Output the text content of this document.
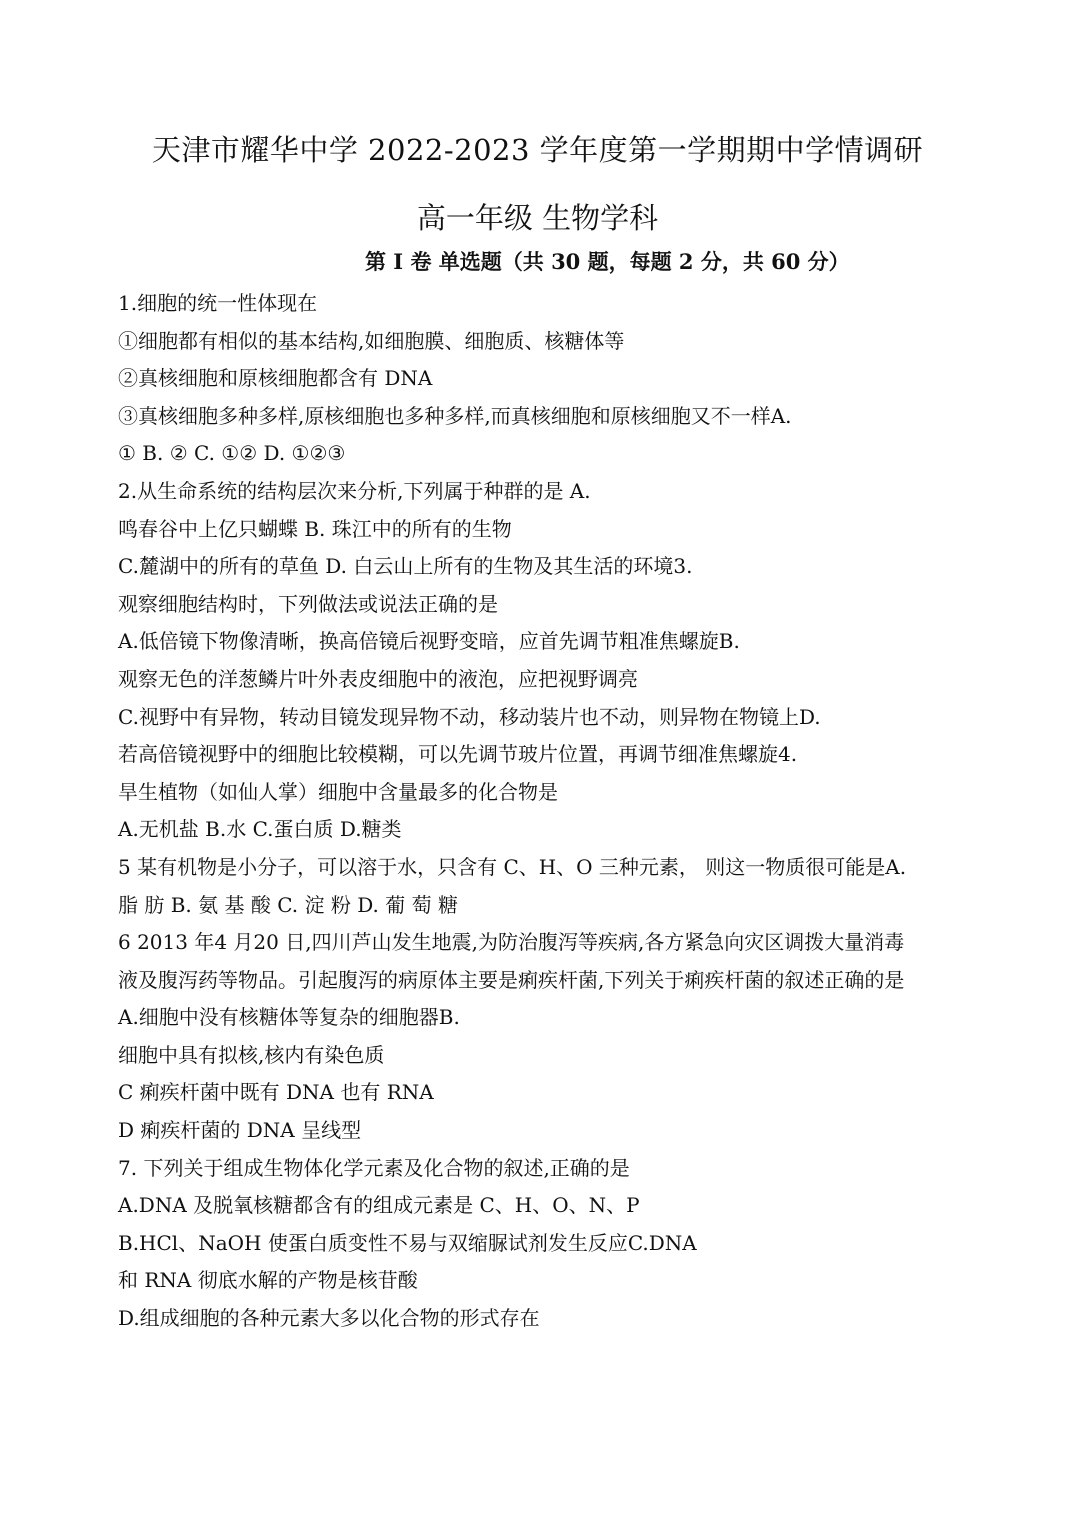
天津市耀华中学 2022-2023 学年度第一学期期中学情调研
高一年级 生物学科
第 I 卷 单选题（共 30 题，每题 2 分，共 60 分）
1.细胞的统一性体现在
①细胞都有相似的基本结构,如细胞膜、细胞质、核糖体等
②真核细胞和原核细胞都含有 DNA
③真核细胞多种多样,原核细胞也多种多样,而真核细胞和原核细胞又不一样A.
① B. ② C. ①② D. ①②③
2.从生命系统的结构层次来分析,下列属于种群的是 A.
鸣春谷中上亿只蝴蝶 B. 珠江中的所有的生物
C.麓湖中的所有的草鱼 D. 白云山上所有的生物及其生活的环境3.
观察细胞结构时，下列做法或说法正确的是
A.低倍镜下物像清晰，换高倍镜后视野变暗，应首先调节粗准焦螺旋B.
观察无色的洋葱鳞片叶外表皮细胞中的液泡，应把视野调亮
C.视野中有异物，转动目镜发现异物不动，移动装片也不动，则异物在物镜上D.
若高倍镜视野中的细胞比较模糊，可以先调节玻片位置，再调节细准焦螺旋4.
旱生植物（如仙人掌）细胞中含量最多的化合物是
A.无机盐 B.水 C.蛋白质 D.糖类
5 某有机物是小分子，可以溶于水，只含有 C、H、O 三种元素， 则这一物质很可能是A.
脂 肪 B. 氨 基 酸 C. 淀 粉 D. 葡 萄 糖
6 2013 年4 月20 日,四川芦山发生地震,为防治腹泻等疾病,各方紧急向灾区调拨大量消毒
液及腹泻药等物品。引起腹泻的病原体主要是痢疾杆菌,下列关于痢疾杆菌的叙述正确的是
A.细胞中没有核糖体等复杂的细胞器B.
细胞中具有拟核,核内有染色质
C 痢疾杆菌中既有 DNA 也有 RNA
D 痢疾杆菌的 DNA 呈线型
7. 下列关于组成生物体化学元素及化合物的叙述,正确的是
A.DNA 及脱氧核糖都含有的组成元素是 C、H、O、N、P
B.HCl、NaOH 使蛋白质变性不易与双缩脲试剂发生反应C.DNA
和 RNA 彻底水解的产物是核苷酸
D.组成细胞的各种元素大多以化合物的形式存在
